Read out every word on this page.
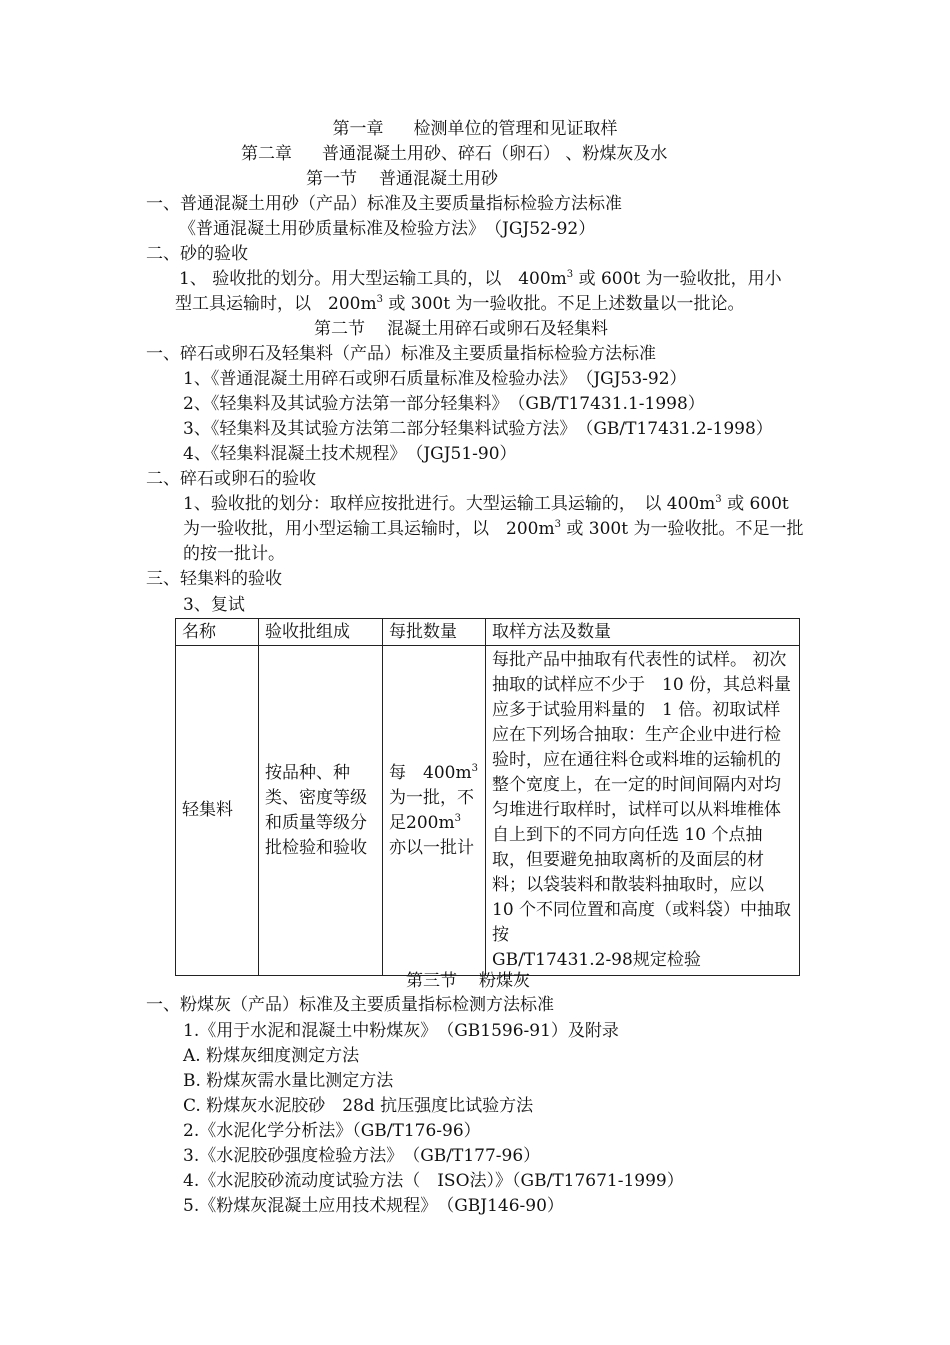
第一章 检测单位的管理和见证取样
第二章 普通混凝土用砂、碎石（卵石） 、粉煤灰及水
第一节 普通混凝土用砂
一、普通混凝土用砂（产品）标准及主要质量指标检验方法标准
《普通混凝土用砂质量标准及检验方法》　（JGJ52-92）
二、砂的验收
1、 验收批的划分。用大型运输工具的，以　$400m^3$ 或 600t 为一验收批，用小
型工具运输时，以　$200m^3$ 或 300t 为一验收批。不足上述数量以一批论。
第二节 混凝土用碎石或卵石及轻集料
一、碎石或卵石及轻集料（产品）标准及主要质量指标检验方法标准
1、《普通混凝土用碎石或卵石质量标准及检验办法》　（JGJ53-92）
2、《轻集料及其试验方法第一部分轻集料》　（GB/T17431.1-1998）
3、《轻集料及其试验方法第二部分轻集料试验方法》　（GB/T17431.2-1998）
4、《轻集料混凝土技术规程》　（JGJ51-90）
二、碎石或卵石的验收
1、验收批的划分：取样应按批进行。大型运输工具运输的，　以 $400m^3$ 或 600t
为一验收批，用小型运输工具运输时，以　$200m^3$ 或 300t 为一验收批。不足一批
的按一批计。
三、轻集料的验收
3、复试
名称	验收批组成	每批数量	取样方法及数量
轻集料	按品种、种类、密度等级和质量等级分批检验和验收	每　$400m^3$为一批，不　足$200m^3$　亦以一批计	每批产品中抽取有代表性的试样。 初次抽取的试样应不少于　10 份，其总料量应多于试验用料量的　1 倍。初取试样应在下列场合抽取：生产企业中进行检验时，应在通往料仓或料堆的运输机的整个宽度上，在一定的时间间隔内对均匀堆进行取样时，试样可以从料堆椎体自上到下的不同方向任选 10 个点抽取，但要避免抽取离析的及面层的材料；以袋装料和散装料抽取时，应以　10 个不同位置和高度（或料袋）中抽取按
GB/T17431.2-98规定检验
第三节 粉煤灰
一、粉煤灰（产品）标准及主要质量指标检测方法标准
1.《用于水泥和混凝土中粉煤灰》　（GB1596-91）及附录
A. 粉煤灰细度测定方法
B. 粉煤灰需水量比测定方法
C. 粉煤灰水泥胶砂　28d 抗压强度比试验方法
2.《水泥化学分析法》（GB/T176-96）
3.《水泥胶砂强度检验方法》　（GB/T177-96）
4.《水泥胶砂流动度试验方法（　ISO法）》（GB/T17671-1999）
5.《粉煤灰混凝土应用技术规程》　（GBJ146-90）
